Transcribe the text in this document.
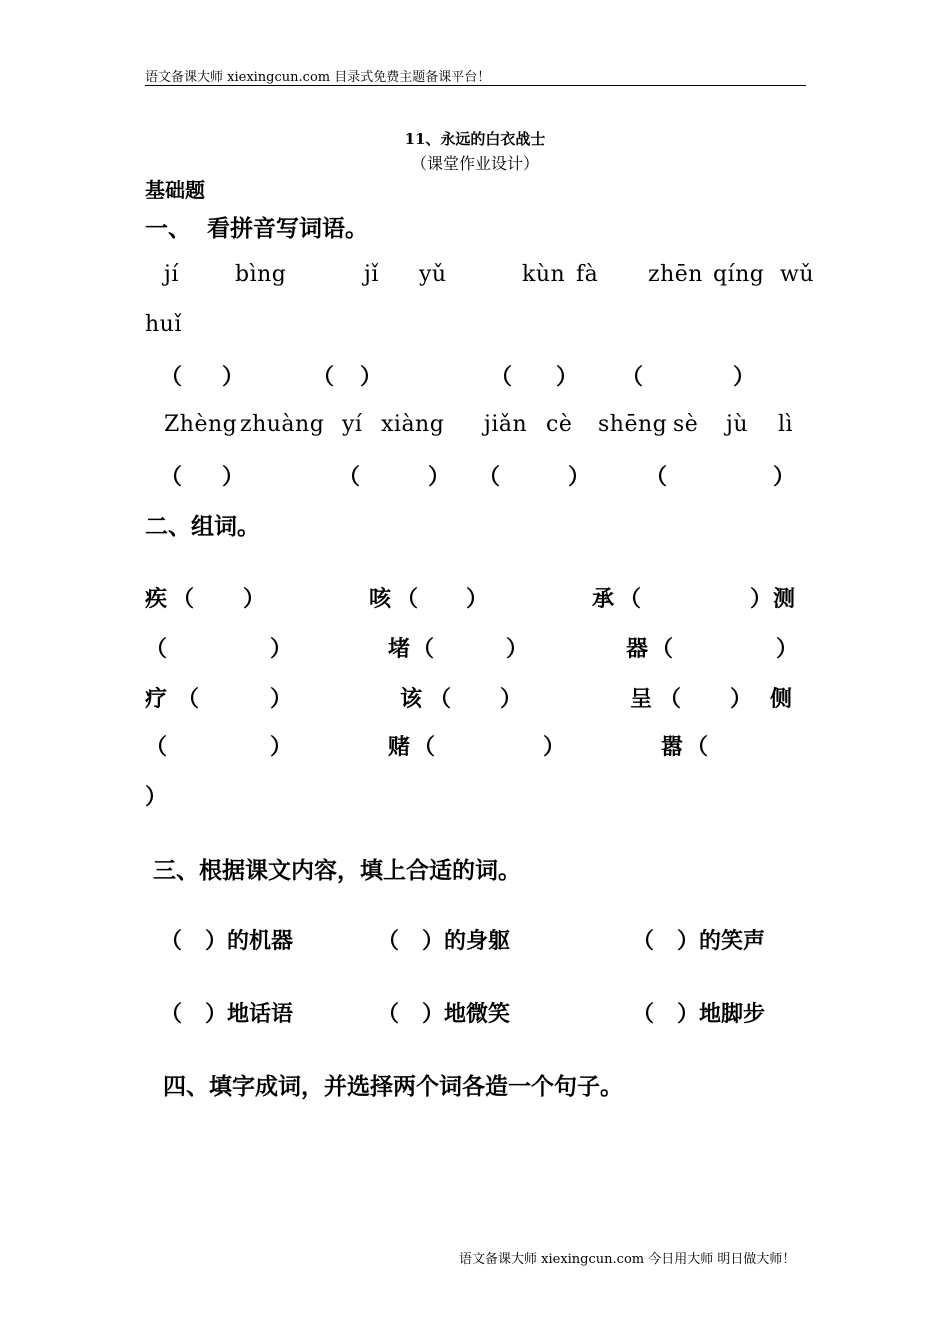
语文备课大师 xiexingcun.com 目录式免费主题备课平台！
11、永远的白衣战士
（课堂作业设计）
基础题
一、  看拼音写词语。
jí	bìng	jǐ yǔ	kùn fà zhēn qíng wǔ
huǐ
（ ）	（ ）	（ ） （	）
Zhèng zhuàng yí xiàng jiǎn cè shēng sè jù lì
（ ）	（	） （	） （	）
二、组词。
疾 （ ）	咳 （ ）	承 （	） 测
（	）	堵 （	）	器 （	）
疗 （	）	该 （ ）	呈 （ ） 侧
（	）	赌 （	）	嚣 （
）
三、根据课文内容，填上合适的词。
（   ）的机器	（   ）的身躯	（   ）的笑声
（   ）地话语	（   ）地微笑	（   ）地脚步
四、填字成词，并选择两个词各造一个句子。
语文备课大师 xiexingcun.com 今日用大师 明日做大师！
